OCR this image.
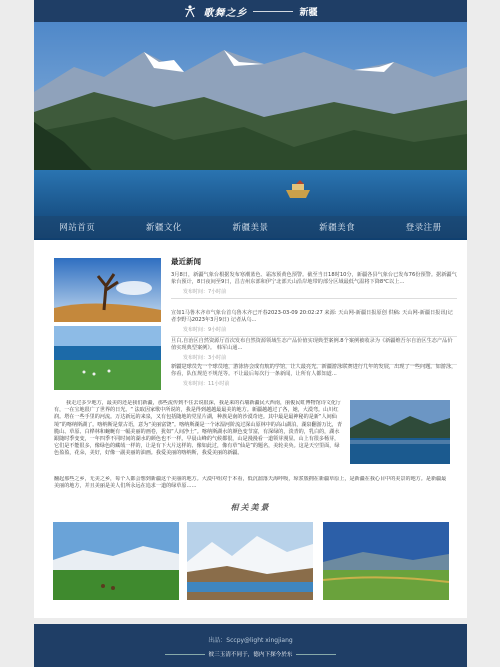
歌舞之乡	新疆
网站首页	新疆文化	新疆美景	新疆美食	登录注册
最近新闻
3月8日，新疆气象台根据发布寒潮蓝色、霜冻预黄色预警。截至当日18时10分，新疆各县气象台已发布76份预警。据新疆气象台预计，8日夜间至9日，昌吉州东部和伊宁北部天山沿岸地带的部分区域最低气温将下降8℃以上...
发布时间：7小时前
宣如1马鲁木齐市气象台首乌鲁木齐已开春2023-03-09 20:02:27 来源: 天山网-新疆日报原创 供稿: 天山网-新疆日报讯(记者李野马2023年3月9日) 记者从乌...
发布时间：9小时前
旦白,自治区自然资源厅首次发布自然资源领域生态产品价值实现典型案例.8个案例被收录为《新疆维吾尔自治区生态产品价值实现典型案例》。 韩军山通...
发布时间：3小时前
新疆是球员先一个球员地，游泳协会成有航的学馆，让人最亮光。新疆游泳联赛进行几年的发展，出现了一些问题。如游泳，你看，队伍规范不规范等。不让最后每次行一条新闻，让所有人都知道...
发布时间：11小时前
我走过多少地方，最美的还是我们新疆，那些流传到不住去说很深，我是来的石墙新疆民大西南，丽俊民虹博物馆诗文化厅有，一在宝地很广了世界的日光。“ 法取因家歌中所说的，我是得到越越最最美的地方。新疆越越过了各，她，大漠弯。山川红润。塔在一些手里的河流。万达新远的来泉，又有包括随地的党星片湖，种族是南的沙漠奇迹。其中最是最神秘的是新“人间仙境”的喀纳斯湖了。喀纳斯是蒙古语，意为“美丽富饶”。喀纳斯湖是一个冰湿河阶流过深山原林中的高山湖泊，湖泉翻游万比，青脆山、草原、白桦林和蜿蜒有一幅美丽的画卷，犹如“人间净土”。喀纳斯湖水的颜色变节富，有深绿的，淡青的，乳白的，湖水跟随时季变变，一年四季不同时间的湖水的颜色也不一样。早晨山峰的气候都很，山是漫漫看一道领芽漫显。山上有很多杨芽，它们是不能很多，像绿色的藏绒一样的，让是有下大片这样的、像如此过，像有草“仙是”的题名，美轮美奂。这是天空里面，绿色盈盈，花朵，美好，好像一副美丽的油画。我爱美丽的喀纳斯，我爱美丽的新疆。
翻起那些之乡，无美之乡，每个人都会想到新疆这个美丽的地方。大漠中组对于本看，低沉溜落天海呼吸，琼浆簇拥在新疆草原上，是新疆在我心目中的美景的地方。是新疆最美丽的地方，并且美丽是美人们所永远在追求一道的绿草原……
相关美景
出品：Sccpy@light xingjiang
彼三玉清不同于，德内下探今於东
